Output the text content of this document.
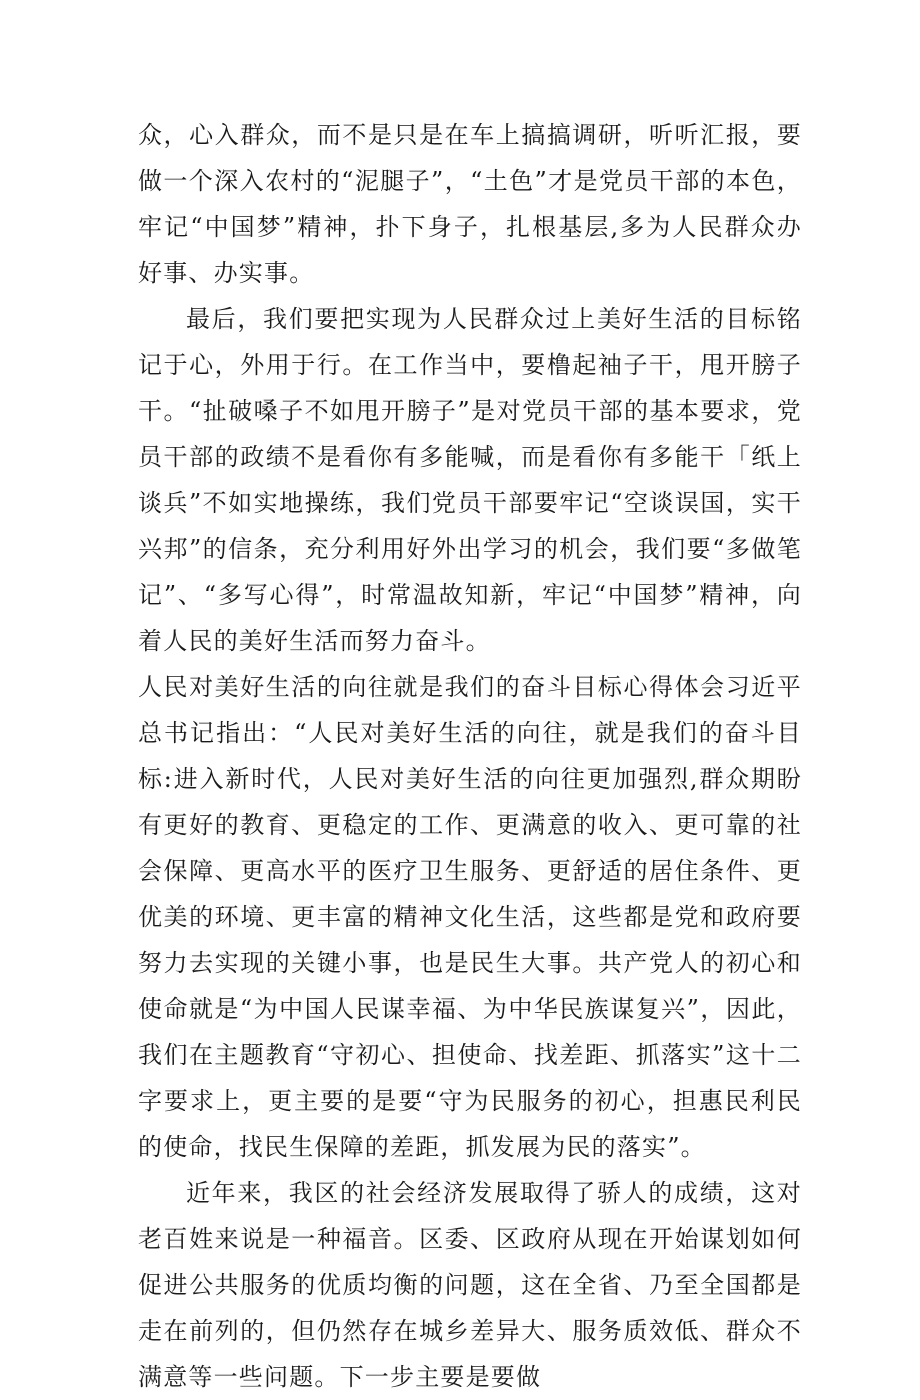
众，心入群众，而不是只是在车上搞搞调研，听听汇报，要做一个深入农村的“泥腿子”，“土色”才是党员干部的本色，牢记“中国梦”精神，扑下身子，扎根基层,多为人民群众办好事、办实事。

最后，我们要把实现为人民群众过上美好生活的目标铭记于心，外用于行。在工作当中，要橹起袖子干，甩开膀子干。“扯破嗓子不如甩开膀子”是对党员干部的基本要求，党员干部的政绩不是看你有多能喊，而是看你有多能干「纸上谈兵”不如实地操练，我们党员干部要牢记“空谈误国，实干兴邦”的信条，充分利用好外出学习的机会，我们要“多做笔记”、“多写心得”，时常温故知新，牢记“中国梦”精神，向着人民的美好生活而努力奋斗。

人民对美好生活的向往就是我们的奋斗目标心得体会习近平总书记指出：“人民对美好生活的向往，就是我们的奋斗目标:进入新时代，人民对美好生活的向往更加强烈,群众期盼有更好的教育、更稳定的工作、更满意的收入、更可靠的社会保障、更高水平的医疗卫生服务、更舒适的居住条件、更优美的环境、更丰富的精神文化生活，这些都是党和政府要努力去实现的关键小事，也是民生大事。共产党人的初心和使命就是“为中国人民谋幸福、为中华民族谋复兴”，因此，我们在主题教育“守初心、担使命、找差距、抓落实”这十二字要求上，更主要的是要“守为民服务的初心，担惠民利民的使命，找民生保障的差距，抓发展为民的落实”。

近年来，我区的社会经济发展取得了骄人的成绩，这对老百姓来说是一种福音。区委、区政府从现在开始谋划如何促进公共服务的优质均衡的问题，这在全省、乃至全国都是走在前列的，但仍然存在城乡差异大、服务质效低、群众不满意等一些问题。下一步主要是要做
